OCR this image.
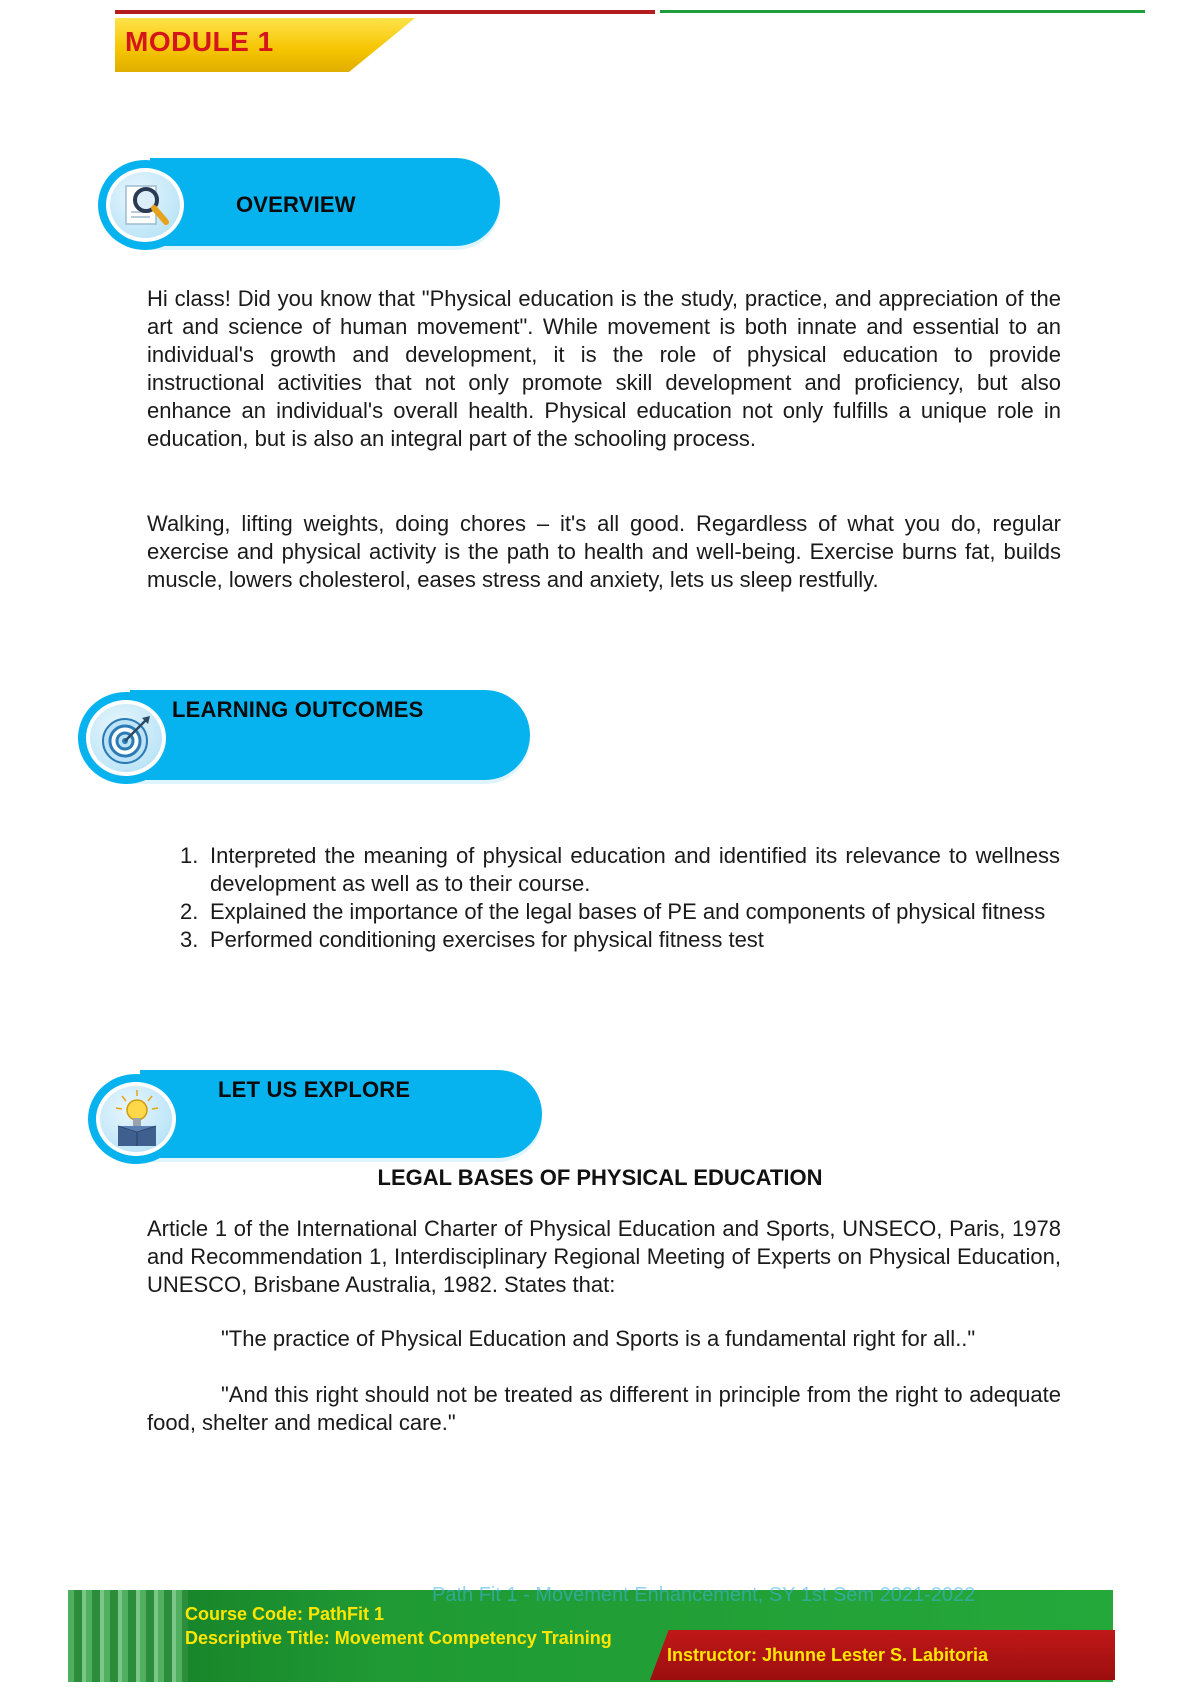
MODULE 1
OVERVIEW

Hi class! Did you know that "Physical education is the study, practice, and appreciation of the art and science of human movement". While movement is both innate and essential to an individual's growth and development, it is the role of physical education to provide instructional activities that not only promote skill development and proficiency, but also enhance an individual's overall health. Physical education not only fulfills a unique role in education, but is also an integral part of the schooling process.

Walking, lifting weights, doing chores – it's all good. Regardless of what you do, regular exercise and physical activity is the path to health and well-being. Exercise burns fat, builds muscle, lowers cholesterol, eases stress and anxiety, lets us sleep restfully.

LEARNING OUTCOMES
1. Interpreted the meaning of physical education and identified its relevance to wellness development as well as to their course.
2. Explained the importance of the legal bases of PE and components of physical fitness
3. Performed conditioning exercises for physical fitness test
LET US EXPLORE
LEGAL BASES OF PHYSICAL EDUCATION

Article 1 of the International Charter of Physical Education and Sports, UNSECO, Paris, 1978 and Recommendation 1, Interdisciplinary Regional Meeting of Experts on Physical Education, UNESCO, Brisbane Australia, 1982. States that:

"The practice of Physical Education and Sports is a fundamental right for all.."

"And this right should not be treated as different in principle from the right to adequate food, shelter and medical care."

Path Fit 1 - Movement Enhancement, SY 1st Sem 2021-2022
Course Code: PathFit 1
Descriptive Title: Movement Competency Training
Instructor: Jhunne Lester S. Labitoria
